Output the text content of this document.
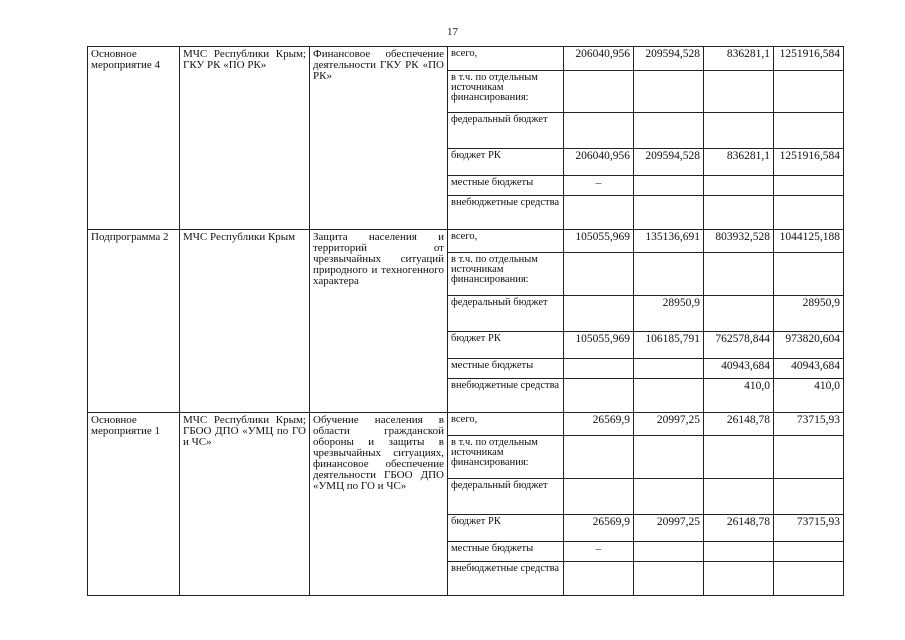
17
Основное мероприятие 4	МЧС Республики Крым; ГКУ РК «ПО РК»	Финансовое обеспечение деятельности ГКУ РК «ПО РК»	всего,	206040,956	209594,528	836281,1	1251916,584
			в т.ч. по отдельным источникам финансирования:				
			федеральный бюджет				
			бюджет РК	206040,956	209594,528	836281,1	1251916,584
			местные бюджеты	–			
			внебюджетные средства				
Подпрограмма 2	МЧС Республики Крым	Защита населения и территорий от чрезвычайных ситуаций природного и техногенного характера	всего,	105055,969	135136,691	803932,528	1044125,188
			в т.ч. по отдельным источникам финансирования:				
			федеральный бюджет		28950,9		28950,9
			бюджет РК	105055,969	106185,791	762578,844	973820,604
			местные бюджеты			40943,684	40943,684
			внебюджетные средства			410,0	410,0
Основное мероприятие 1	МЧС Республики Крым; ГБОО ДПО «УМЦ по ГО и ЧС»	Обучение населения в области гражданской обороны и защиты в чрезвычайных ситуациях, финансовое обеспечение деятельности ГБОО ДПО «УМЦ по ГО и ЧС»	всего,	26569,9	20997,25	26148,78	73715,93
			в т.ч. по отдельным источникам финансирования:				
			федеральный бюджет				
			бюджет РК	26569,9	20997,25	26148,78	73715,93
			местные бюджеты	–			
			внебюджетные средства				
